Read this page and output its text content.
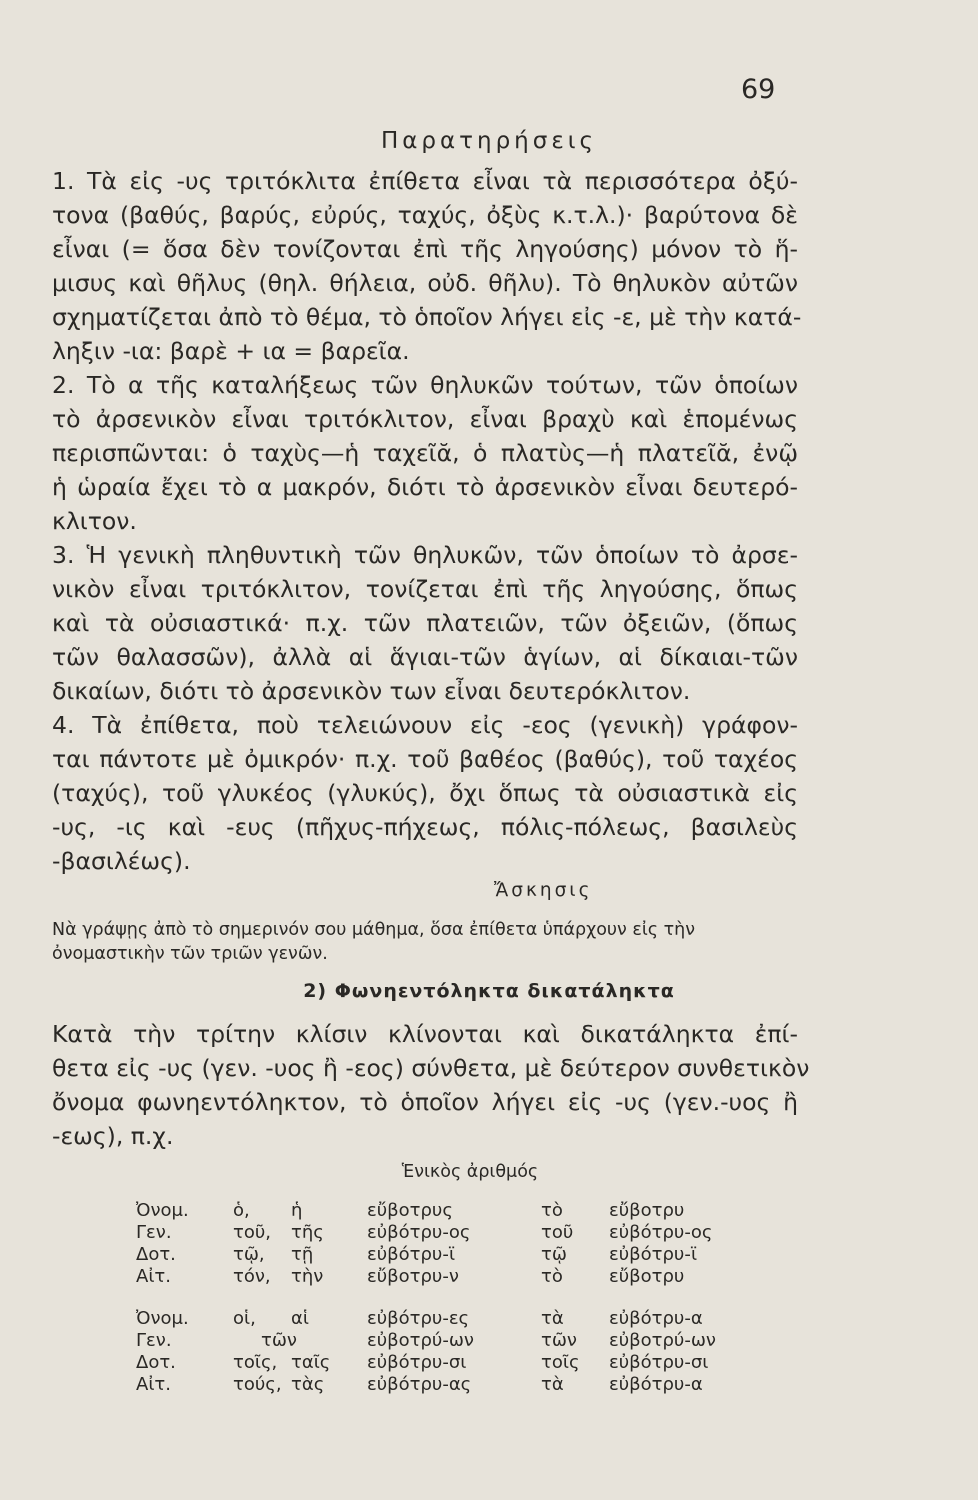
69
Παρατηρήσεις
1. Τὰ εἰς -υς τριτόκλιτα ἐπίθετα εἶναι τὰ περισσότερα ὀξύ-
τονα (βαθύς, βαρύς, εὐρύς, ταχύς, ὀξὺς κ.τ.λ.)· βαρύτονα δὲ
εἶναι (= ὅσα δὲν τονίζονται ἐπὶ τῆς ληγούσης) μόνον τὸ ἥ-
μισυς καὶ θῆλυς (θηλ. θήλεια, οὐδ. θῆλυ). Τὸ θηλυκὸν αὐτῶν
σχηματίζεται ἀπὸ τὸ θέμα, τὸ ὁποῖον λήγει εἰς -ε, μὲ τὴν κατά-
ληξιν -ια: βαρὲ + ια = βαρεῖα.
2. Τὸ α τῆς καταλήξεως τῶν θηλυκῶν τούτων, τῶν ὁποίων
τὸ ἀρσενικὸν εἶναι τριτόκλιτον, εἶναι βραχὺ καὶ ἑπομένως
περισπῶνται: ὁ ταχὺς—ἡ ταχεῖᾰ, ὁ πλατὺς—ἡ πλατεῖᾰ, ἐνῷ
ἡ ὡραία ἔχει τὸ α μακρόν, διότι τὸ ἀρσενικὸν εἶναι δευτερό-
κλιτον.
3. Ἡ γενικὴ πληθυντικὴ τῶν θηλυκῶν, τῶν ὁποίων τὸ ἀρσε-
νικὸν εἶναι τριτόκλιτον, τονίζεται ἐπὶ τῆς ληγούσης, ὅπως
καὶ τὰ οὐσιαστικά· π.χ. τῶν πλατειῶν, τῶν ὀξειῶν, (ὅπως
τῶν θαλασσῶν), ἀλλὰ αἱ ἅγιαι-τῶν ἁγίων, αἱ δίκαιαι-τῶν
δικαίων, διότι τὸ ἀρσενικὸν των εἶναι δευτερόκλιτον.
4. Τὰ ἐπίθετα, ποὺ τελειώνουν εἰς -εος (γενικὴ) γράφον-
ται πάντοτε μὲ ὀμικρόν· π.χ. τοῦ βαθέος (βαθύς), τοῦ ταχέος
(ταχύς), τοῦ γλυκέος (γλυκύς), ὄχι ὅπως τὰ οὐσιαστικὰ εἰς
-υς, -ις καὶ -ευς (πῆχυς-πήχεως, πόλις-πόλεως, βασιλεὺς
-βασιλέως).
Ἄσκησις
Νὰ γράψῃς ἀπὸ τὸ σημερινόν σου μάθημα, ὅσα ἐπίθετα ὑπάρχουν εἰς τὴν
ὀνομαστικὴν τῶν τριῶν γενῶν.
2) Φωνηεντόληκτα δικατάληκτα
Κατὰ τὴν τρίτην κλίσιν κλίνονται καὶ δικατάληκτα ἐπί-
θετα εἰς -υς (γεν. -υος ἢ -εος) σύνθετα, μὲ δεύτερον συνθετικὸν
ὄνομα φωνηεντόληκτον, τὸ ὁποῖον λήγει εἰς -υς (γεν.-υος ἢ
-εως), π.χ.
Ἑνικὸς ἀριθμός
Ὀνομ. ὁ, ἡ	εὔβοτρυς	τὸ	εὔβοτρυ
Γεν.	τοῦ, τῆς εὐβότρυ-ος	τοῦ εὐβότρυ-ος
Δοτ.	τῷ, τῇ	εὐβότρυ-ϊ	τῷ εὐβότρυ-ϊ
Αἰτ.	τόν, τὴν εὔβοτρυ-ν	τὸ	εὔβοτρυ
Ὀνομ. οἱ, αἱ	εὐβότρυ-ες	τὰ	εὐβότρυ-α
Γεν.	τῶν	εὐβοτρύ-ων	τῶν εὐβοτρύ-ων
Δοτ.	τοῖς, ταῖς εὐβότρυ-σι	τοῖς εὐβότρυ-σι
Αἰτ.	τούς, τὰς εὐβότρυ-ας	τὰ	εὐβότρυ-α
